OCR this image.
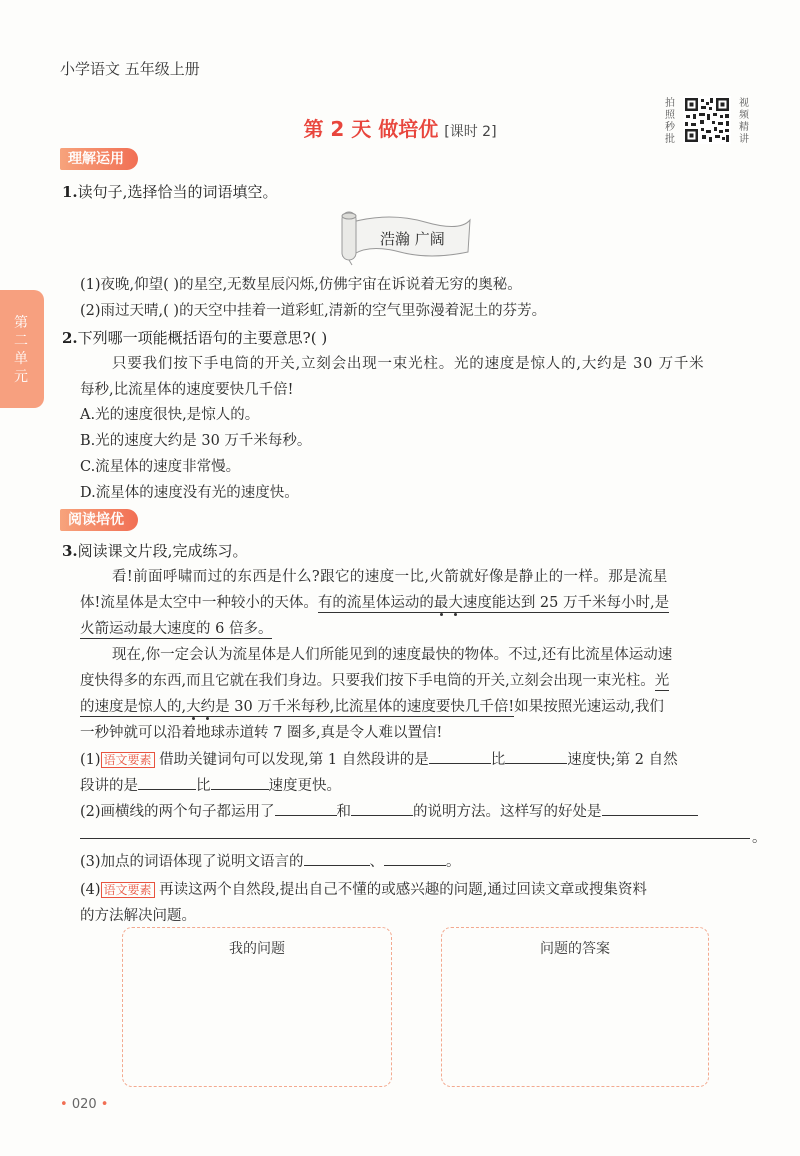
小学语文 五年级上册
第 2 天 做培优 [课时 2]
拍照秒批
视频精讲
第二单元
理解运用
1.读句子,选择恰当的词语填空。
浩瀚 广阔
(1)夜晚,仰望( )的星空,无数星辰闪烁,仿佛宇宙在诉说着无穷的奥秘。
(2)雨过天晴,( )的天空中挂着一道彩虹,清新的空气里弥漫着泥土的芬芳。
2.下列哪一项能概括语句的主要意思?( )
只要我们按下手电筒的开关,立刻会出现一束光柱。光的速度是惊人的,大约是 30 万千米
每秒,比流星体的速度要快几千倍!
A.光的速度很快,是惊人的。
B.光的速度大约是 30 万千米每秒。
C.流星体的速度非常慢。
D.流星体的速度没有光的速度快。
阅读培优
3.阅读课文片段,完成练习。
看!前面呼啸而过的东西是什么?跟它的速度一比,火箭就好像是静止的一样。那是流星
体!流星体是太空中一种较小的天体。有的流星体运动的最大速度能达到 25 万千米每小时,是
火箭运动最大速度的 6 倍多。
现在,你一定会认为流星体是人们所能见到的速度最快的物体。不过,还有比流星体运动速
度快得多的东西,而且它就在我们身边。只要我们按下手电筒的开关,立刻会出现一束光柱。光
的速度是惊人的,大约是 30 万千米每秒,比流星体的速度要快几千倍!如果按照光速运动,我们
一秒钟就可以沿着地球赤道转 7 圈多,真是令人难以置信!
(1) 语文要素 借助关键词句可以发现,第 1 自然段讲的是	比	速度快;第 2 自然
段讲的是	比	速度更快。
(2)画横线的两个句子都运用了	和	的说明方法。这样写的好处是
。
(3)加点的词语体现了说明文语言的	、	。
(4) 语文要素 再读这两个自然段,提出自己不懂的或感兴趣的问题,通过回读文章或搜集资料
的方法解决问题。
我的问题	问题的答案
• 020 •
